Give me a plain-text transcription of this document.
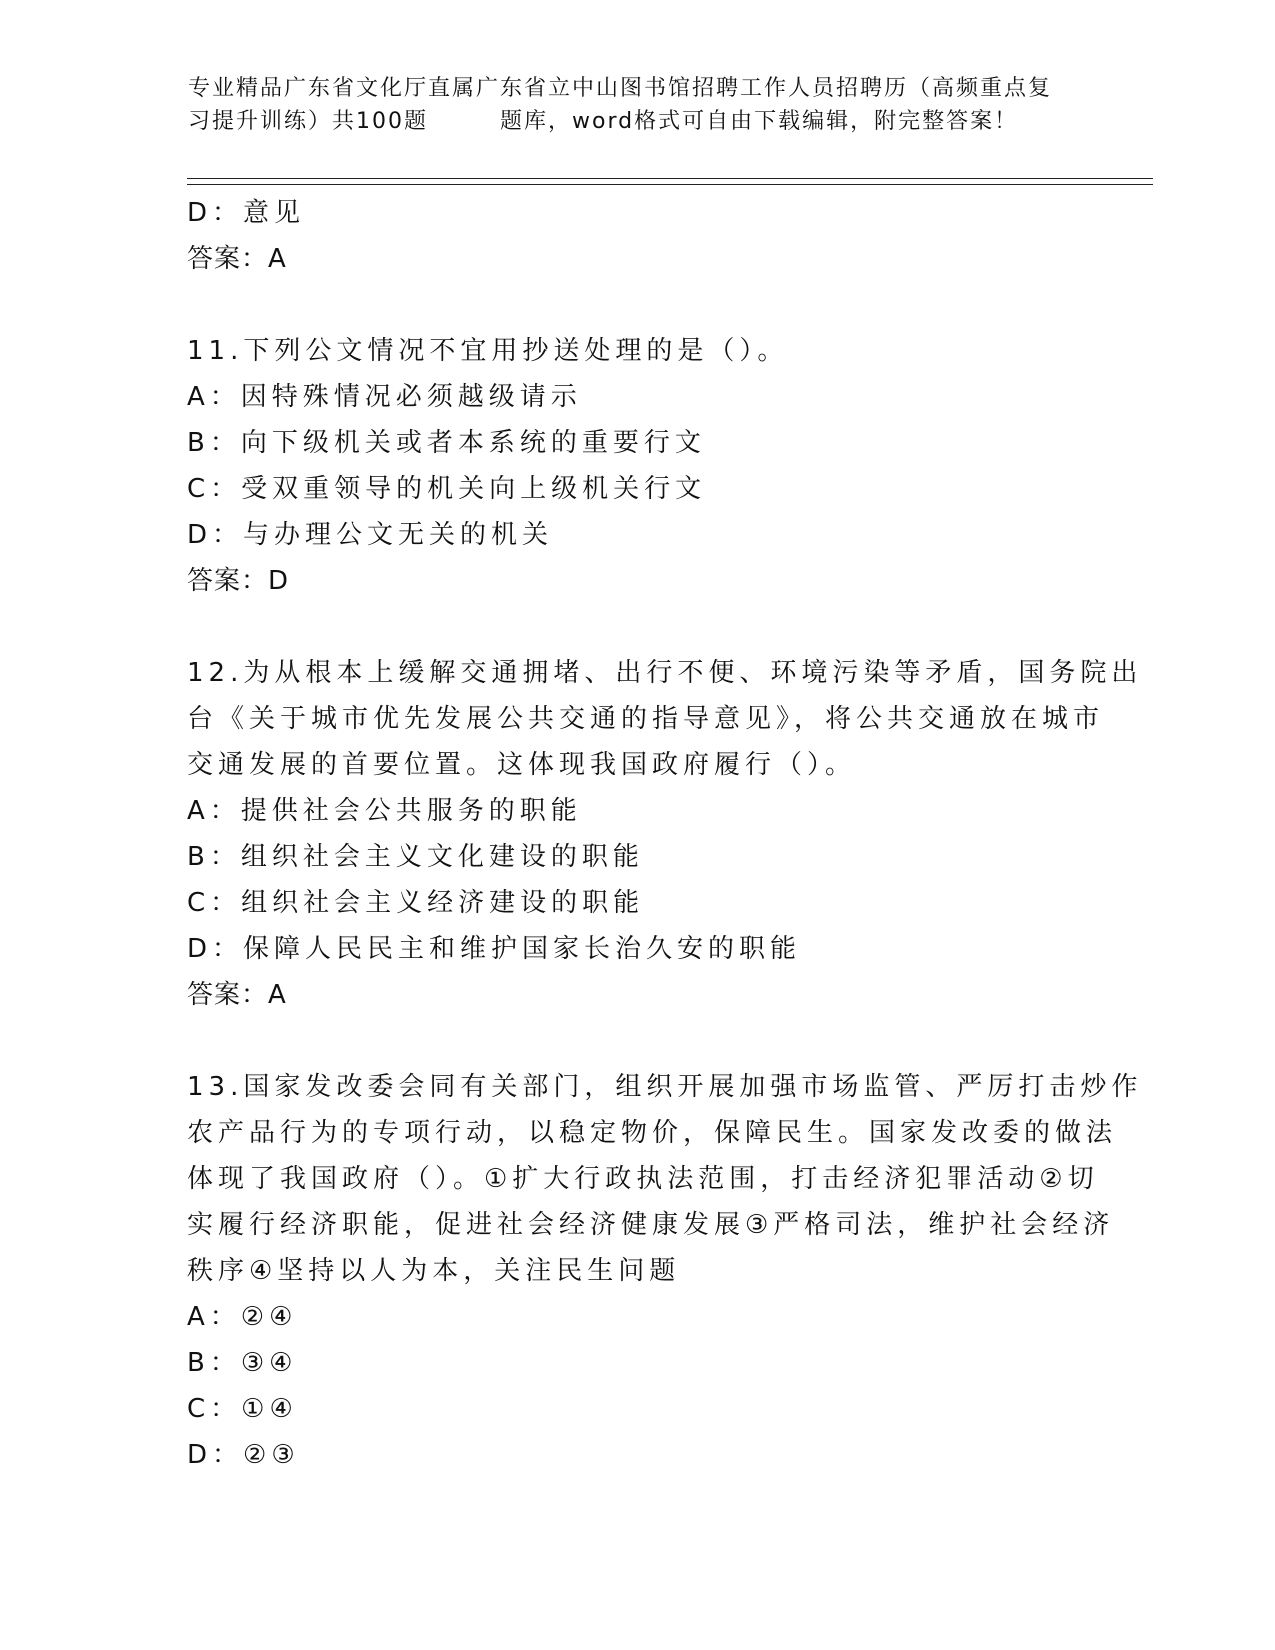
专业精品广东省文化厅直属广东省立中山图书馆招聘工作人员招聘历（高频重点复
习提升训练）共100题	题库，word格式可自由下载编辑，附完整答案！
D：意见
答案：A
11.下列公文情况不宜用抄送处理的是（）。
A：因特殊情况必须越级请示
B：向下级机关或者本系统的重要行文
C：受双重领导的机关向上级机关行文
D：与办理公文无关的机关
答案：D
12.为从根本上缓解交通拥堵、出行不便、环境污染等矛盾，国务院出
台《关于城市优先发展公共交通的指导意见》，将公共交通放在城市
交通发展的首要位置。这体现我国政府履行（）。
A：提供社会公共服务的职能
B：组织社会主义文化建设的职能
C：组织社会主义经济建设的职能
D：保障人民民主和维护国家长治久安的职能
答案：A
13.国家发改委会同有关部门，组织开展加强市场监管、严厉打击炒作
农产品行为的专项行动，以稳定物价，保障民生。国家发改委的做法
体现了我国政府（）。①扩大行政执法范围，打击经济犯罪活动②切
实履行经济职能，促进社会经济健康发展③严格司法，维护社会经济
秩序④坚持以人为本，关注民生问题
A：②④
B：③④
C：①④
D：②③
